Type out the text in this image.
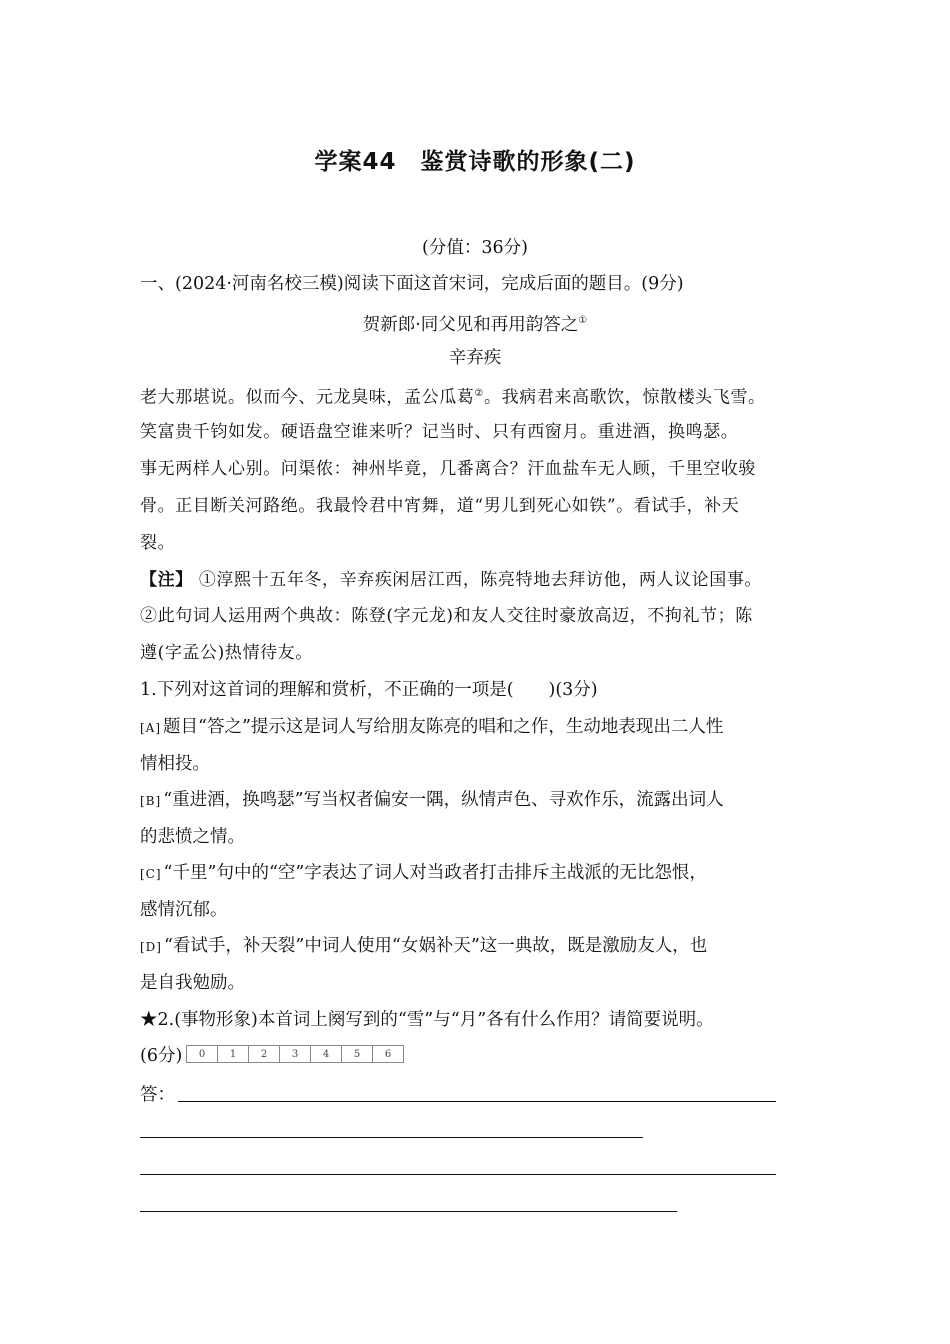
学案44　鉴赏诗歌的形象(二)
(分值：36分)
一、(2024·河南名校三模)阅读下面这首宋词，完成后面的题目。(9分)
贺新郎·同父见和再用韵答之①
辛弃疾
老大那堪说。似而今、元龙臭味，孟公瓜葛②。我病君来高歌饮，惊散楼头飞雪。
笑富贵千钧如发。硬语盘空谁来听？记当时、只有西窗月。重进酒，换鸣瑟。
事无两样人心别。问渠侬：神州毕竟，几番离合？汗血盐车无人顾，千里空收骏
骨。正目断关河路绝。我最怜君中宵舞，道“男儿到死心如铁”。看试手，补天
裂。
【注】 ①淳熙十五年冬，辛弃疾闲居江西，陈亮特地去拜访他，两人议论国事。
②此句词人运用两个典故：陈登(字元龙)和友人交往时豪放高迈，不拘礼节；陈
遵(字孟公)热情待友。
1.下列对这首词的理解和赏析，不正确的一项是(　　)(3分)
[A] 题目“答之”提示这是词人写给朋友陈亮的唱和之作，生动地表现出二人性
情相投。
[B] “重进酒，换鸣瑟”写当权者偏安一隅，纵情声色、寻欢作乐，流露出词人
的悲愤之情。
[C] “千里”句中的“空”字表达了词人对当政者打击排斥主战派的无比怨恨，
感情沉郁。
[D] “看试手，补天裂”中词人使用“女娲补天”这一典故，既是激励友人，也
是自我勉励。
★2.(事物形象)本首词上阕写到的“雪”与“月”各有什么作用？请简要说明。
(6分)	0	1	2	3	4	5	6
答：
